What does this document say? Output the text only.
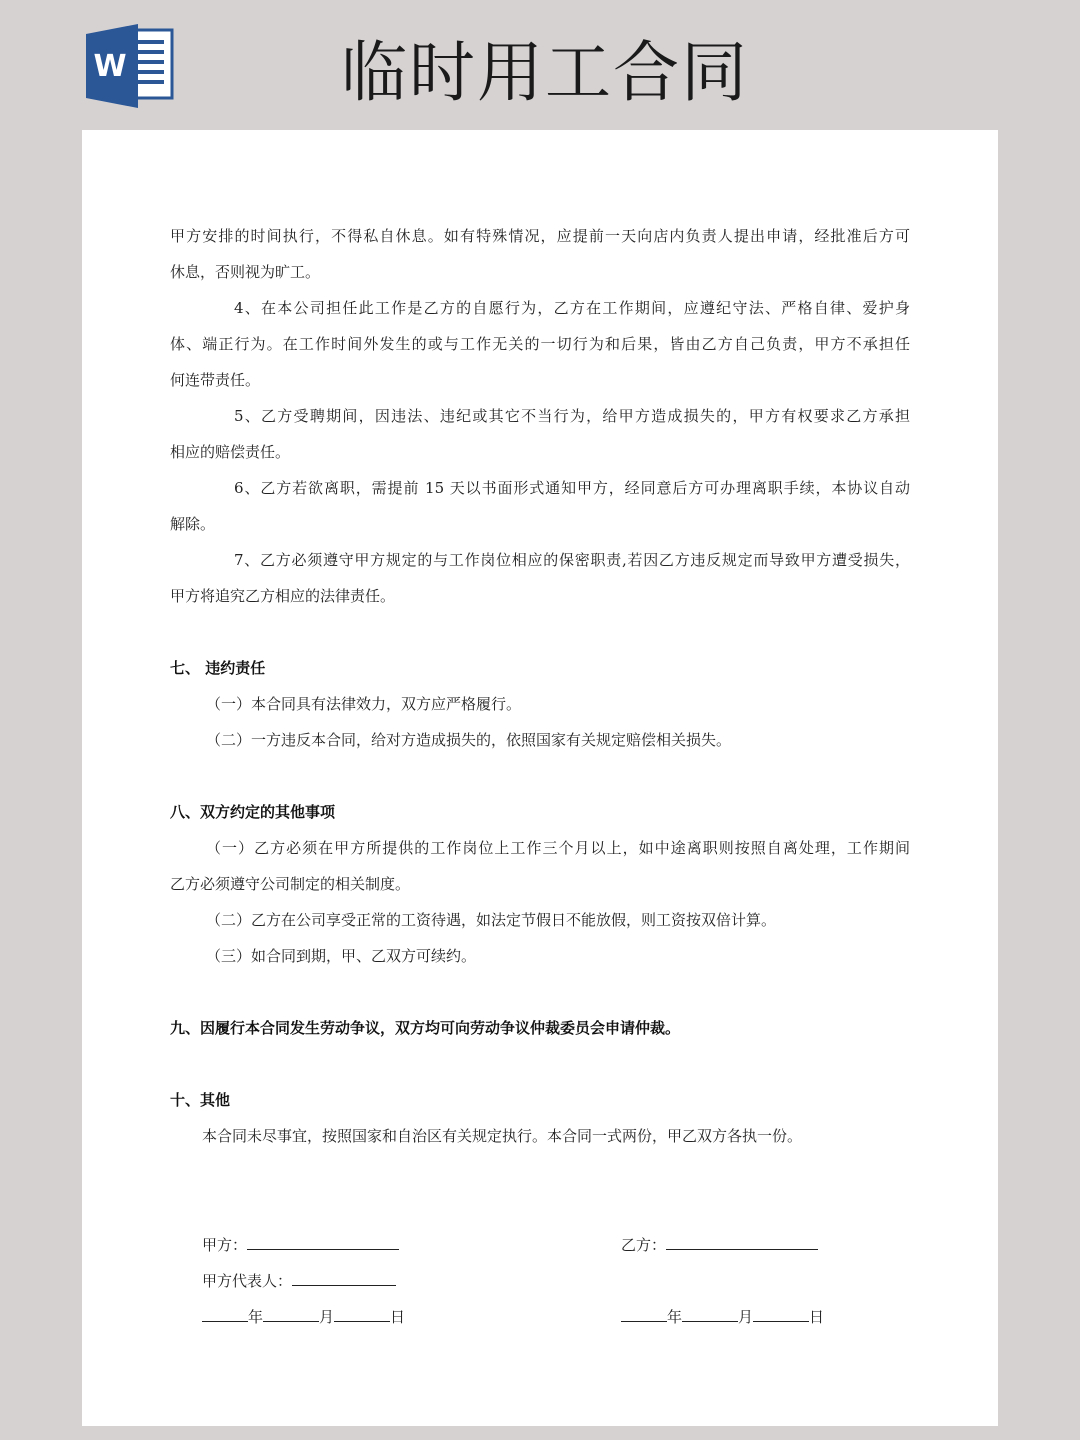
W	临时用工合同
甲方安排的时间执行，不得私自休息。如有特殊情况，应提前一天向店内负责人提出申请，经批准后方可
休息，否则视为旷工。
4、在本公司担任此工作是乙方的自愿行为，乙方在工作期间，应遵纪守法、严格自律、爱护身
体、端正行为。在工作时间外发生的或与工作无关的一切行为和后果，皆由乙方自己负责，甲方不承担任
何连带责任。
5、乙方受聘期间，因违法、违纪或其它不当行为，给甲方造成损失的，甲方有权要求乙方承担
相应的赔偿责任。
6、乙方若欲离职，需提前 15 天以书面形式通知甲方，经同意后方可办理离职手续，本协议自动
解除。
7、乙方必须遵守甲方规定的与工作岗位相应的保密职责,若因乙方违反规定而导致甲方遭受损失，
甲方将追究乙方相应的法律责任。
七、 违约责任
（一）本合同具有法律效力，双方应严格履行。
（二）一方违反本合同，给对方造成损失的，依照国家有关规定赔偿相关损失。
八、双方约定的其他事项
（一）乙方必须在甲方所提供的工作岗位上工作三个月以上，如中途离职则按照自离处理，工作期间
乙方必须遵守公司制定的相关制度。
（二）乙方在公司享受正常的工资待遇，如法定节假日不能放假，则工资按双倍计算。
（三）如合同到期，甲、乙双方可续约。
九、因履行本合同发生劳动争议，双方均可向劳动争议仲裁委员会申请仲裁。
十、其他
本合同未尽事宜，按照国家和自治区有关规定执行。本合同一式两份，甲乙双方各执一份。
甲方：	乙方：
甲方代表人：
年	月	日	年	月	日
